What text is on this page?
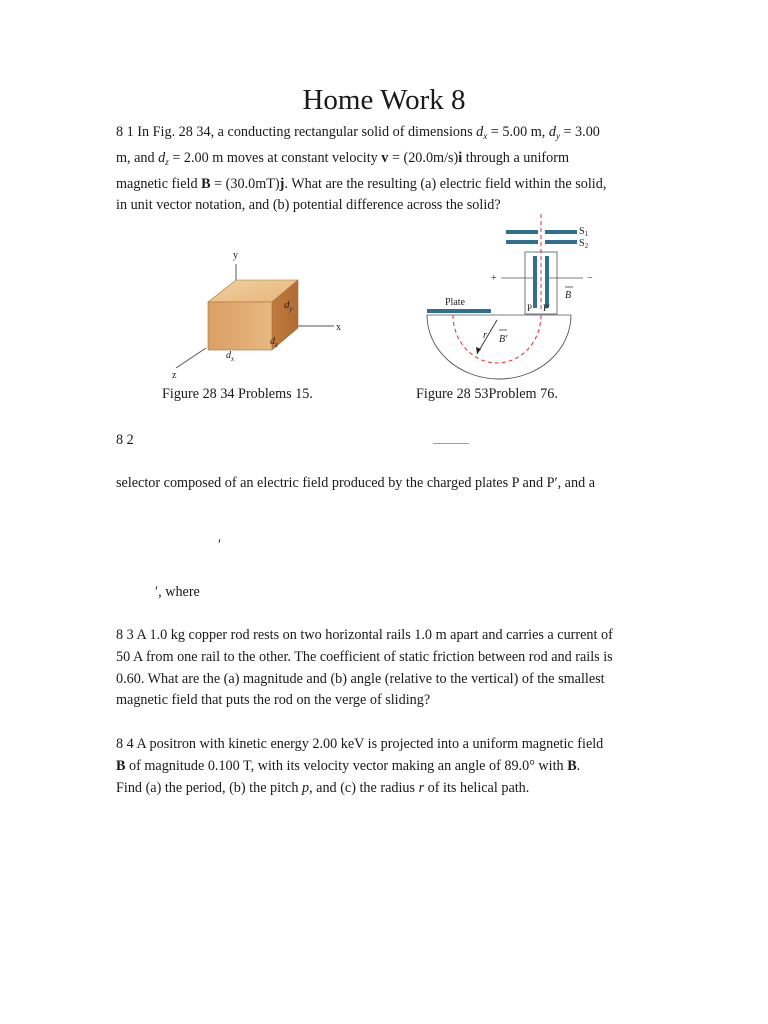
Home Work 8
8 1 In Fig. 28 34, a conducting rectangular solid of dimensions $d_x = 5.00$ m, $d_y = 3.00$
m, and $d_z = 2.00$ m moves at constant velocity v = (20.0m/s)i through a uniform
magnetic field B = (30.0mT)j. What are the resulting (a) electric field within the solid,
in unit vector notation, and (b) potential difference across the solid?
y
x
z
$d_y$
$d_z$
$d_x$
Figure 28 34 Problems 15.
$S_1$
$S_2$
+	−
B
P P′
Plate
r B′
Figure 28 53Problem 76.
8 2
selector composed of an electric field produced by the charged plates P and P′, and a
′
′, where
8 3 A 1.0 kg copper rod rests on two horizontal rails 1.0 m apart and carries a current of
50 A from one rail to the other. The coefficient of static friction between rod and rails is
0.60. What are the (a) magnitude and (b) angle (relative to the vertical) of the smallest
magnetic field that puts the rod on the verge of sliding?
8 4 A positron with kinetic energy 2.00 keV is projected into a uniform magnetic field
B of magnitude 0.100 T, with its velocity vector making an angle of 89.0° with B.
Find (a) the period, (b) the pitch p, and (c) the radius r of its helical path.
